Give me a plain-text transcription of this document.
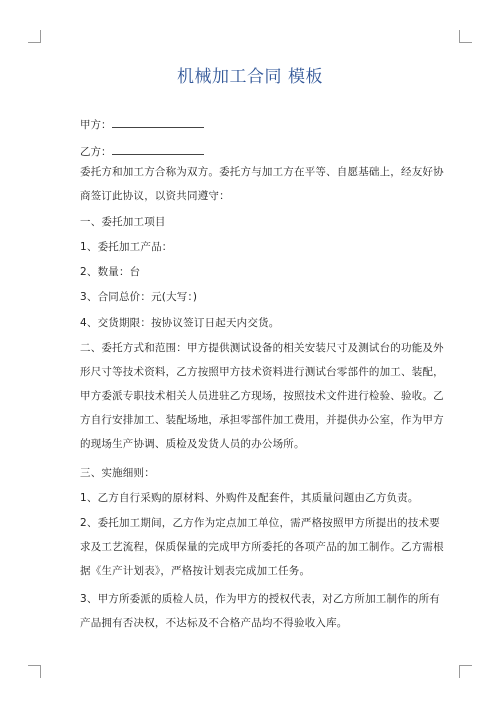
机械加工合同 模板
甲方：
乙方：

委托方和加工方合称为双方。委托方与加工方在平等、自愿基础上，经友好协商签订此协议，以资共同遵守：

一、委托加工项目

1、委托加工产品：

2、数量：台

3、合同总价：元(大写：)

4、交货期限：按协议签订日起天内交货。

二、委托方式和范围：甲方提供测试设备的相关安装尺寸及测试台的功能及外形尺寸等技术资料，乙方按照甲方技术资料进行测试台零部件的加工、装配，甲方委派专职技术相关人员进驻乙方现场，按照技术文件进行检验、验收。乙方自行安排加工、装配场地，承担零部件加工费用，并提供办公室，作为甲方的现场生产协调、质检及发货人员的办公场所。

三、实施细则：

1、乙方自行采购的原材料、外购件及配套件，其质量问题由乙方负责。

2、委托加工期间，乙方作为定点加工单位，需严格按照甲方所提出的技术要求及工艺流程，保质保量的完成甲方所委托的各项产品的加工制作。乙方需根据《生产计划表》，严格按计划表完成加工任务。

3、甲方所委派的质检人员，作为甲方的授权代表，对乙方所加工制作的所有产品拥有否决权，不达标及不合格产品均不得验收入库。
